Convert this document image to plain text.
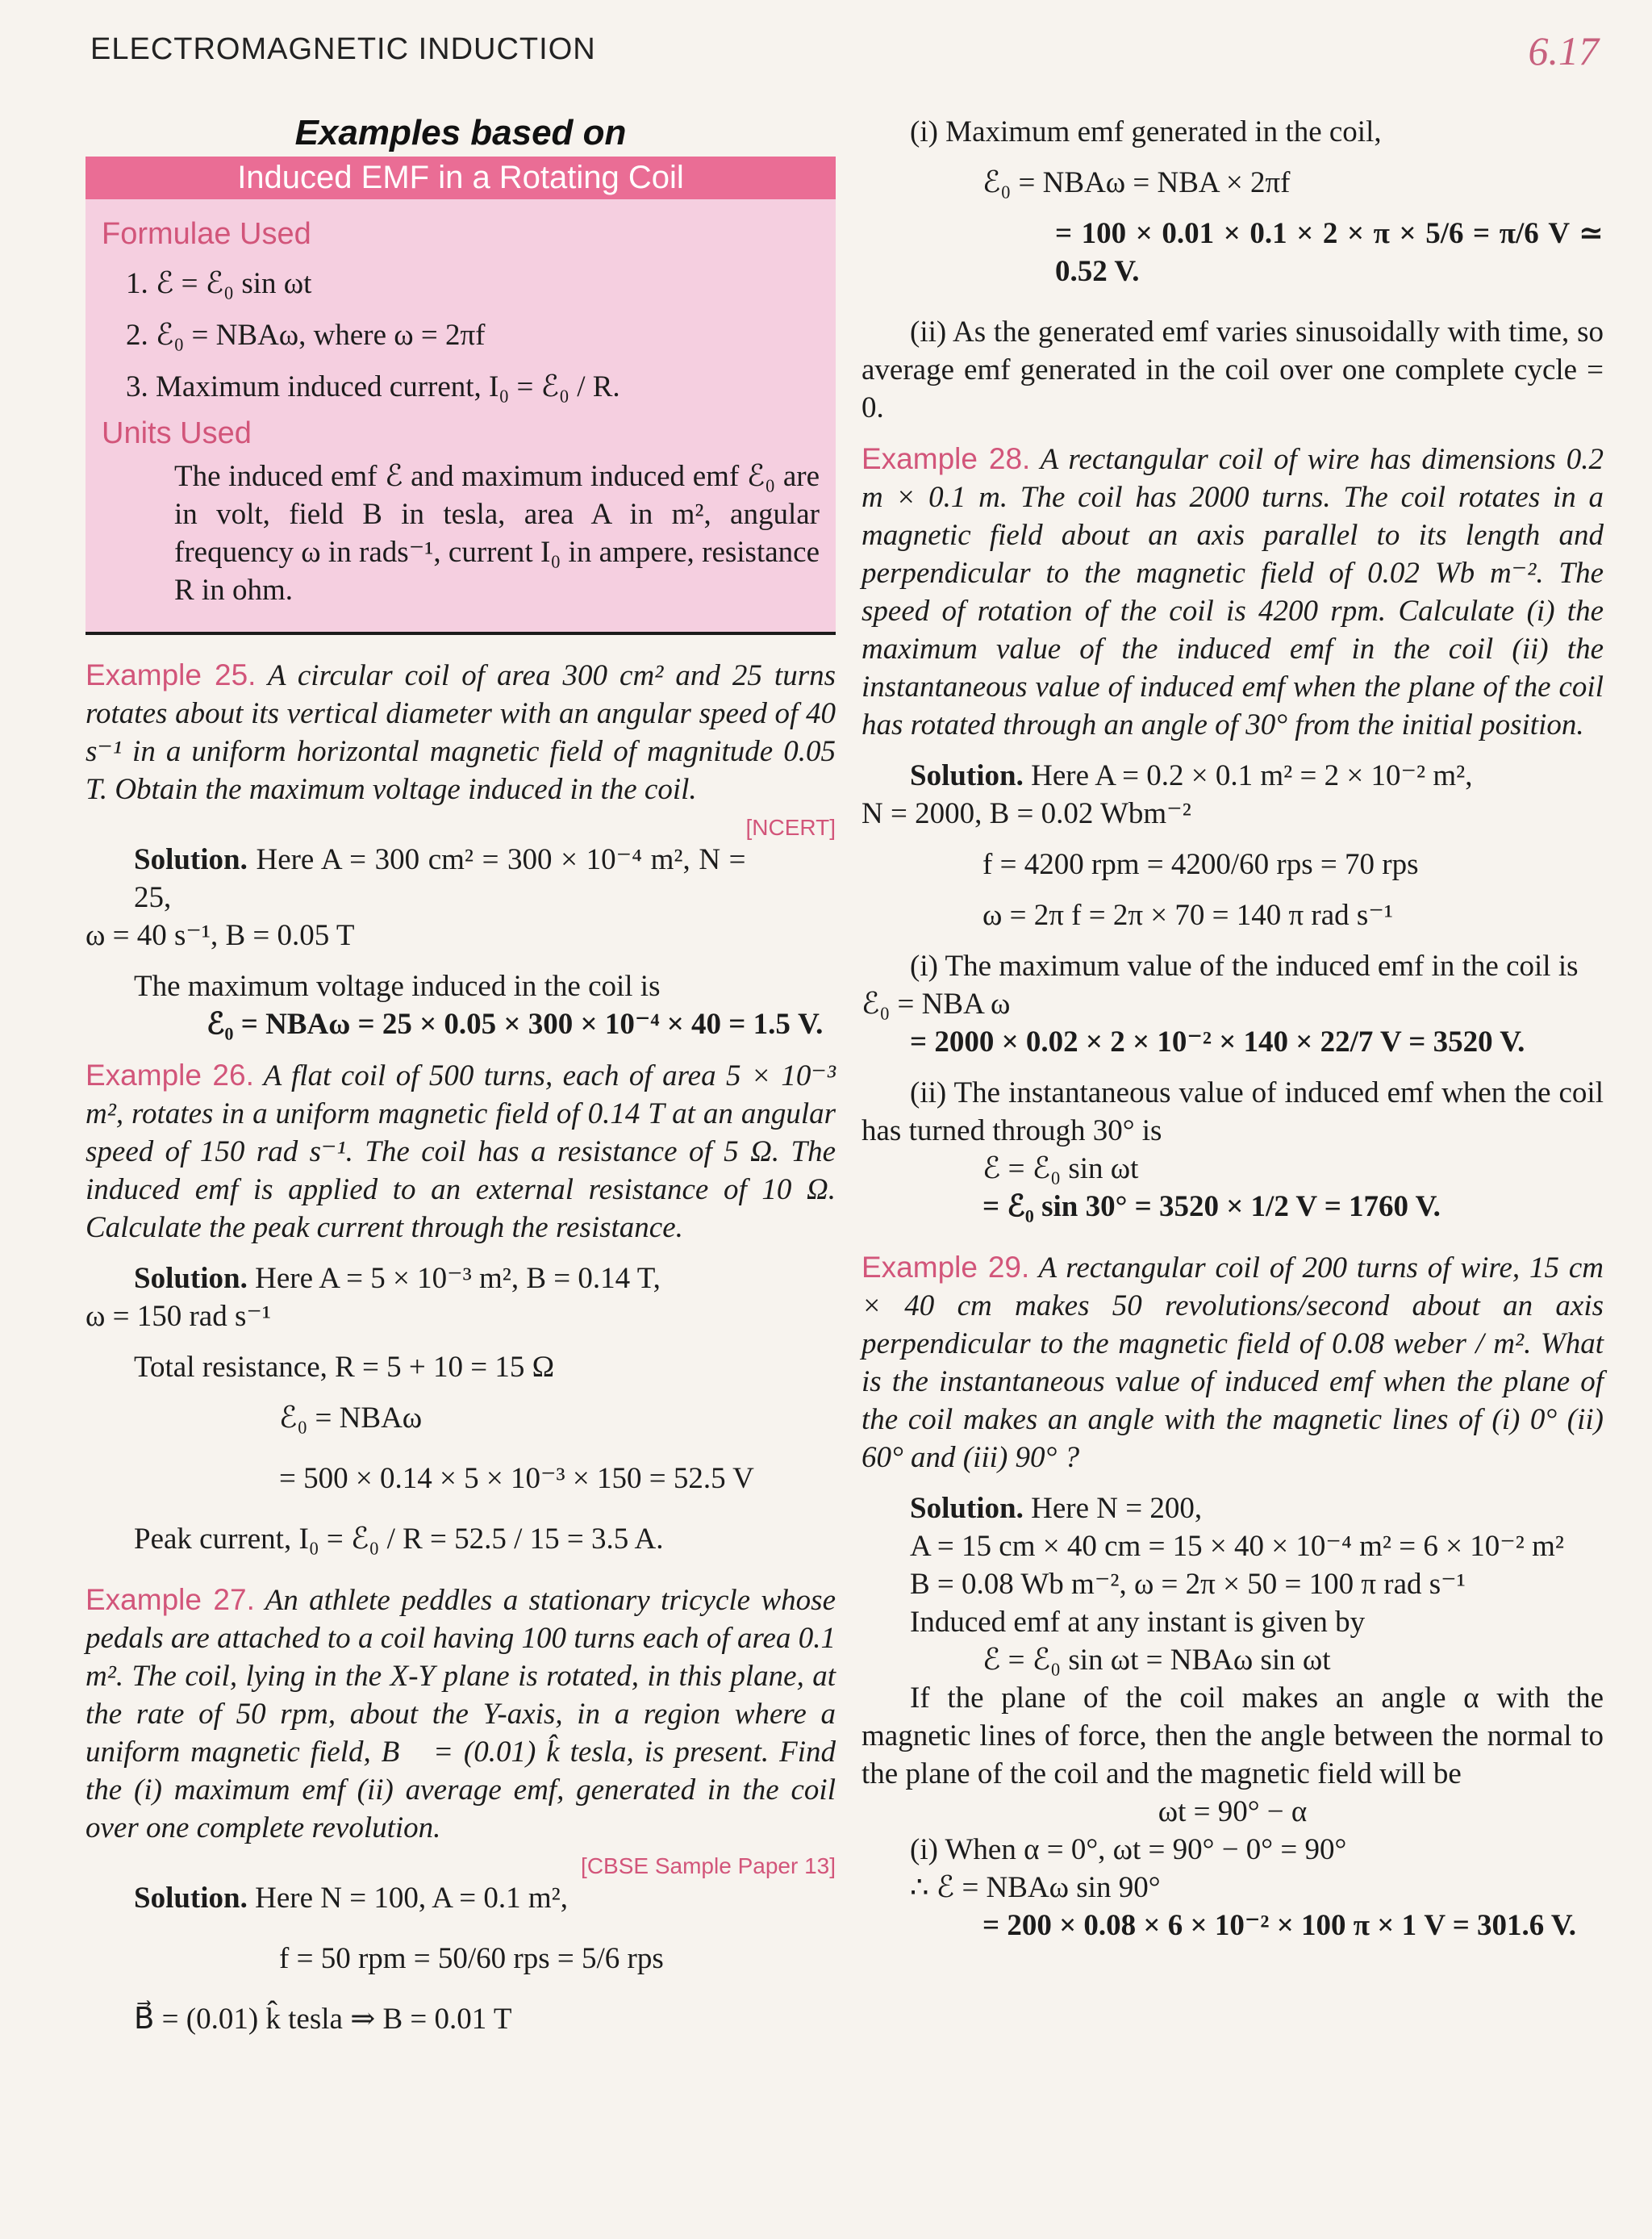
ELECTROMAGNETIC INDUCTION	6.17
Examples based on
Induced EMF in a Rotating Coil
Formulae Used
1. ℰ = ℰ₀ sin ωt
2. ℰ₀ = NBAω, where ω = 2πf
3. Maximum induced current, I₀ = ℰ₀ / R.
Units Used
The induced emf ℰ and maximum induced emf ℰ₀ are in volt, field B in tesla, area A in m², angular frequency ω in rads⁻¹, current I₀ in ampere, resistance R in ohm.

Example 25. A circular coil of area 300 cm² and 25 turns rotates about its vertical diameter with an angular speed of 40 s⁻¹ in a uniform horizontal magnetic field of magnitude 0.05 T. Obtain the maximum voltage induced in the coil.

[NCERT]

Solution. Here A = 300 cm² = 300 × 10⁻⁴ m², N = 25,

ω = 40 s⁻¹, B = 0.05 T

The maximum voltage induced in the coil is

ℰ₀ = NBAω = 25 × 0.05 × 300 × 10⁻⁴ × 40 = 1.5 V.

Example 26. A flat coil of 500 turns, each of area 5 × 10⁻³ m², rotates in a uniform magnetic field of 0.14 T at an angular speed of 150 rad s⁻¹. The coil has a resistance of 5 Ω. The induced emf is applied to an external resistance of 10 Ω. Calculate the peak current through the resistance.

Solution. Here A = 5 × 10⁻³ m², B = 0.14 T,

ω = 150 rad s⁻¹

Total resistance, R = 5 + 10 = 15 Ω

ℰ₀ = NBAω

= 500 × 0.14 × 5 × 10⁻³ × 150 = 52.5 V

Peak current, I₀ = ℰ₀ / R = 52.5 / 15 = 3.5 A.

Example 27. An athlete peddles a stationary tricycle whose pedals are attached to a coil having 100 turns each of area 0.1 m². The coil, lying in the X-Y plane is rotated, in this plane, at the rate of 50 rpm, about the Y-axis, in a region where a uniform magnetic field, B⃗ = (0.01) k̂ tesla, is present. Find the (i) maximum emf (ii) average emf, generated in the coil over one complete revolution.

[CBSE Sample Paper 13]

Solution. Here N = 100, A = 0.1 m²,

f = 50 rpm = 50/60 rps = 5/6 rps

B⃗ = (0.01) k̂ tesla ⇒ B = 0.01 T

(i) Maximum emf generated in the coil,

ℰ₀ = NBAω = NBA × 2πf

= 100 × 0.01 × 0.1 × 2 × π × 5/6 = π/6 V ≃ 0.52 V.

(ii) As the generated emf varies sinusoidally with time, so average emf generated in the coil over one complete cycle = 0.

Example 28. A rectangular coil of wire has dimensions 0.2 m × 0.1 m. The coil has 2000 turns. The coil rotates in a magnetic field about an axis parallel to its length and perpendicular to the magnetic field of 0.02 Wb m⁻². The speed of rotation of the coil is 4200 rpm. Calculate (i) the maximum value of the induced emf in the coil (ii) the instantaneous value of induced emf when the plane of the coil has rotated through an angle of 30° from the initial position.

Solution. Here A = 0.2 × 0.1 m² = 2 × 10⁻² m²,

N = 2000, B = 0.02 Wbm⁻²

f = 4200 rpm = 4200/60 rps = 70 rps

ω = 2π f = 2π × 70 = 140 π rad s⁻¹

(i) The maximum value of the induced emf in the coil is

ℰ₀ = NBA ω

= 2000 × 0.02 × 2 × 10⁻² × 140 × 22/7 V = 3520 V.

(ii) The instantaneous value of induced emf when the coil has turned through 30° is

ℰ = ℰ₀ sin ωt

= ℰ₀ sin 30° = 3520 × 1/2 V = 1760 V.

Example 29. A rectangular coil of 200 turns of wire, 15 cm × 40 cm makes 50 revolutions/second about an axis perpendicular to the magnetic field of 0.08 weber / m². What is the instantaneous value of induced emf when the plane of the coil makes an angle with the magnetic lines of (i) 0° (ii) 60° and (iii) 90° ?

Solution. Here N = 200,

A = 15 cm × 40 cm = 15 × 40 × 10⁻⁴ m² = 6 × 10⁻² m²

B = 0.08 Wb m⁻², ω = 2π × 50 = 100 π rad s⁻¹

Induced emf at any instant is given by

ℰ = ℰ₀ sin ωt = NBAω sin ωt

If the plane of the coil makes an angle α with the magnetic lines of force, then the angle between the normal to the plane of the coil and the magnetic field will be

ωt = 90° − α

(i) When α = 0°, ωt = 90° − 0° = 90°

∴ ℰ = NBAω sin 90°

= 200 × 0.08 × 6 × 10⁻² × 100 π × 1 V = 301.6 V.
